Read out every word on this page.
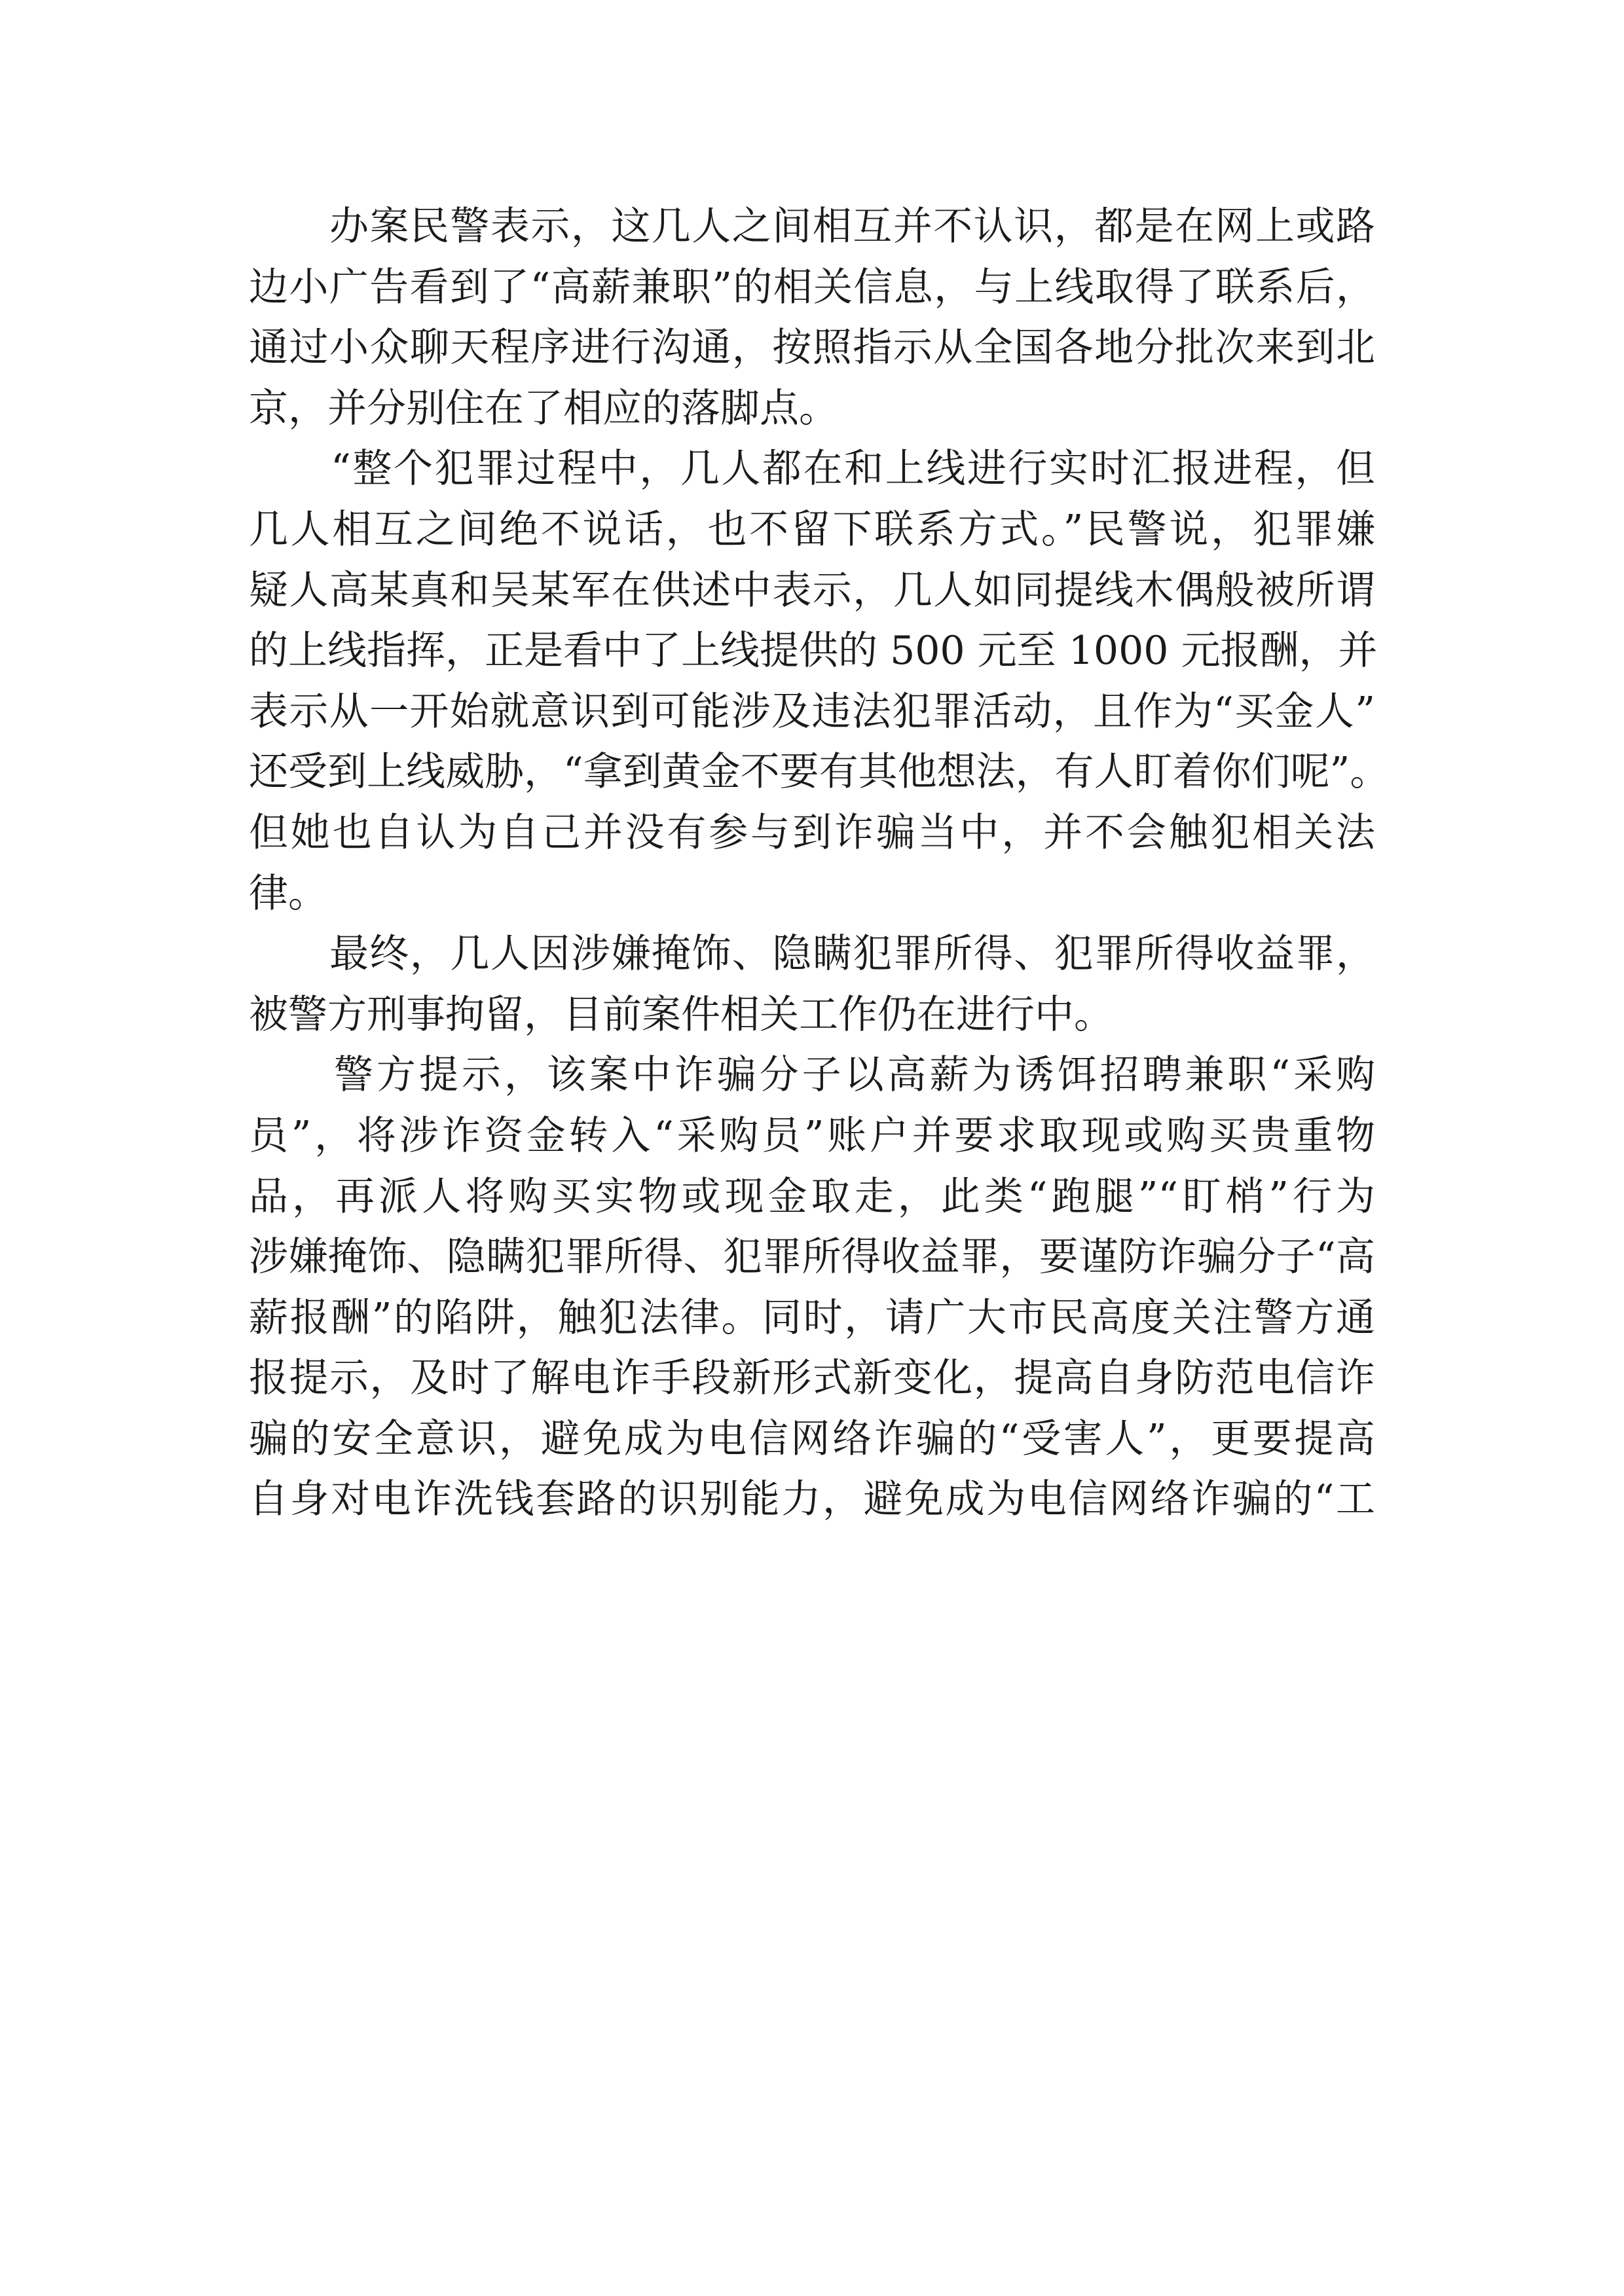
　　办案民警表示，这几人之间相互并不认识，都是在网上或路
边小广告看到了“高薪兼职”的相关信息，与上线取得了联系后，
通过小众聊天程序进行沟通，按照指示从全国各地分批次来到北
京，并分别住在了相应的落脚点。
　　“整个犯罪过程中，几人都在和上线进行实时汇报进程，但
几人相互之间绝不说话，也不留下联系方式。”民警说，犯罪嫌
疑人高某真和吴某军在供述中表示，几人如同提线木偶般被所谓
的上线指挥，正是看中了上线提供的 500 元至 1000 元报酬，并
表示从一开始就意识到可能涉及违法犯罪活动，且作为“买金人”
还受到上线威胁，“拿到黄金不要有其他想法，有人盯着你们呢”。
但她也自认为自己并没有参与到诈骗当中，并不会触犯相关法
律。
　　最终，几人因涉嫌掩饰、隐瞒犯罪所得、犯罪所得收益罪，
被警方刑事拘留，目前案件相关工作仍在进行中。
　　警方提示，该案中诈骗分子以高薪为诱饵招聘兼职“采购
员”，将涉诈资金转入“采购员”账户并要求取现或购买贵重物
品，再派人将购买实物或现金取走，此类“跑腿”“盯梢”行为
涉嫌掩饰、隐瞒犯罪所得、犯罪所得收益罪，要谨防诈骗分子“高
薪报酬”的陷阱，触犯法律。同时，请广大市民高度关注警方通
报提示，及时了解电诈手段新形式新变化，提高自身防范电信诈
骗的安全意识，避免成为电信网络诈骗的“受害人”，更要提高
自身对电诈洗钱套路的识别能力，避免成为电信网络诈骗的“工
